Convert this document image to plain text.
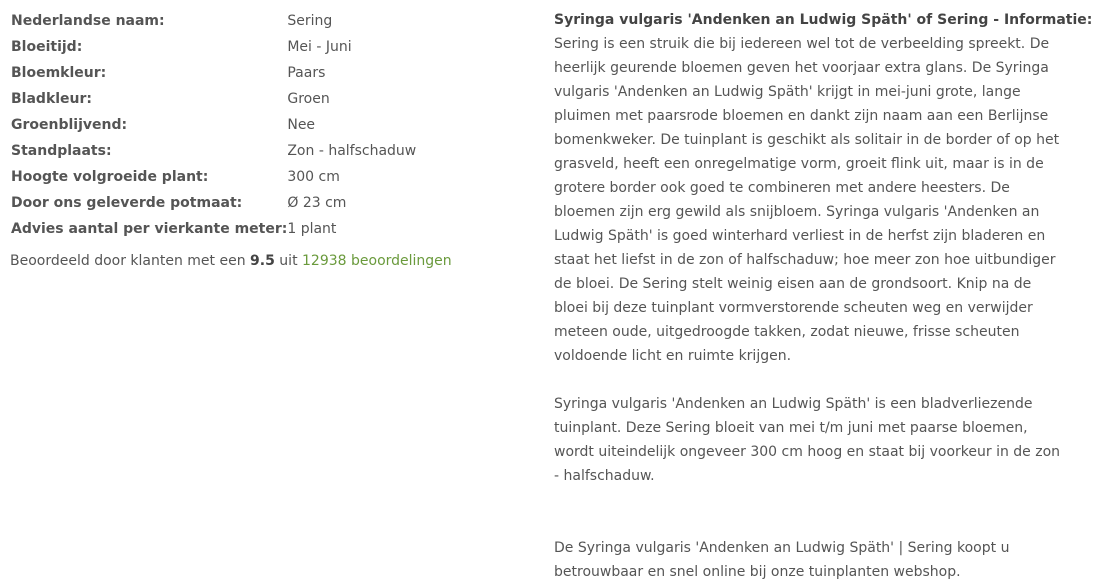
Nederlandse naam:	Sering
Bloeitijd:	Mei - Juni
Bloemkleur:	Paars
Bladkleur:	Groen
Groenblijvend:	Nee
Standplaats:	Zon - halfschaduw
Hoogte volgroeide plant:	300 cm
Door ons geleverde potmaat:	Ø 23 cm
Advies aantal per vierkante meter:	1 plant
Beoordeeld door klanten met een 9.5 uit 12938 beoordelingen
Syringa vulgaris 'Andenken an Ludwig Späth' of Sering - Informatie:

Sering is een struik die bij iedereen wel tot de verbeelding spreekt. De heerlijk geurende bloemen geven het voorjaar extra glans. De Syringa vulgaris 'Andenken an Ludwig Späth' krijgt in mei-juni grote, lange pluimen met paarsrode bloemen en dankt zijn naam aan een Berlijnse bomenkweker. De tuinplant is geschikt als solitair in de border of op het grasveld, heeft een onregelmatige vorm, groeit flink uit, maar is in de grotere border ook goed te combineren met andere heesters. De bloemen zijn erg gewild als snijbloem. Syringa vulgaris 'Andenken an Ludwig Späth' is goed winterhard verliest in de herfst zijn bladeren en staat het liefst in de zon of halfschaduw; hoe meer zon hoe uitbundiger de bloei. De Sering stelt weinig eisen aan de grondsoort. Knip na de bloei bij deze tuinplant vormverstorende scheuten weg en verwijder meteen oude, uitgedroogde takken, zodat nieuwe, frisse scheuten voldoende licht en ruimte krijgen.

Syringa vulgaris 'Andenken an Ludwig Späth' is een bladverliezende tuinplant. Deze Sering bloeit van mei t/m juni met paarse bloemen, wordt uiteindelijk ongeveer 300 cm hoog en staat bij voorkeur in de zon - halfschaduw.

De Syringa vulgaris 'Andenken an Ludwig Späth' | Sering koopt u betrouwbaar en snel online bij onze tuinplanten webshop.
